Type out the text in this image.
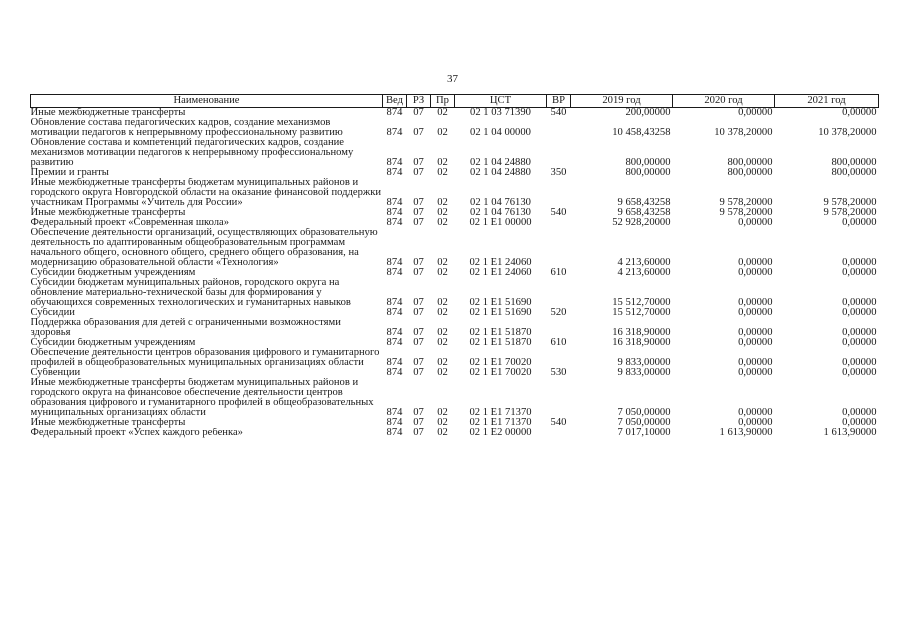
37
Наименование	Вед	РЗ	Пр	ЦСТ	ВР	2019 год	2020 год	2021 год
Иные межбюджетные трансферты	874	07	02	02 1 03 71390	540	200,00000	0,00000	0,00000
Обновление состава педагогических кадров, создание механизмов мотивации педагогов к непрерывному профессиональному развитию	874	07	02	02 1 04 00000		10 458,43258	10 378,20000	10 378,20000
Обновление состава и компетенций педагогических кадров, создание механизмов мотивации педагогов к непрерывному профессиональному развитию	874	07	02	02 1 04 24880		800,00000	800,00000	800,00000
Премии и гранты	874	07	02	02 1 04 24880	350	800,00000	800,00000	800,00000
Иные межбюджетные трансферты бюджетам муниципальных районов и городского округа Новгородской области на оказание финансовой поддержки участникам Программы «Учитель для России»	874	07	02	02 1 04 76130		9 658,43258	9 578,20000	9 578,20000
Иные межбюджетные трансферты	874	07	02	02 1 04 76130	540	9 658,43258	9 578,20000	9 578,20000
Федеральный проект «Современная школа»	874	07	02	02 1 E1 00000		52 928,20000	0,00000	0,00000
Обеспечение деятельности организаций, осуществляющих образовательную деятельность по адаптированным общеобразовательным программам начального общего, основного общего, среднего общего образования, на модернизацию образовательной области «Технология»	874	07	02	02 1 E1 24060		4 213,60000	0,00000	0,00000
Субсидии бюджетным учреждениям	874	07	02	02 1 E1 24060	610	4 213,60000	0,00000	0,00000
Субсидии бюджетам муниципальных районов, городского округа на обновление материально-технической базы для формирования у обучающихся современных технологических и гуманитарных навыков	874	07	02	02 1 E1 51690		15 512,70000	0,00000	0,00000
Субсидии	874	07	02	02 1 E1 51690	520	15 512,70000	0,00000	0,00000
Поддержка образования для детей с ограниченными возможностями здоровья	874	07	02	02 1 E1 51870		16 318,90000	0,00000	0,00000
Субсидии бюджетным учреждениям	874	07	02	02 1 E1 51870	610	16 318,90000	0,00000	0,00000
Обеспечение деятельности центров образования цифрового и гуманитарного профилей в общеобразовательных муниципальных организациях области	874	07	02	02 1 E1 70020		9 833,00000	0,00000	0,00000
Субвенции	874	07	02	02 1 E1 70020	530	9 833,00000	0,00000	0,00000
Иные межбюджетные трансферты бюджетам муниципальных районов и городского округа на финансовое обеспечение деятельности центров образования цифрового и гуманитарного профилей в общеобразовательных муниципальных организациях области	874	07	02	02 1 E1 71370		7 050,00000	0,00000	0,00000
Иные межбюджетные трансферты	874	07	02	02 1 E1 71370	540	7 050,00000	0,00000	0,00000
Федеральный проект «Успех каждого ребенка»	874	07	02	02 1 E2 00000		7 017,10000	1 613,90000	1 613,90000
